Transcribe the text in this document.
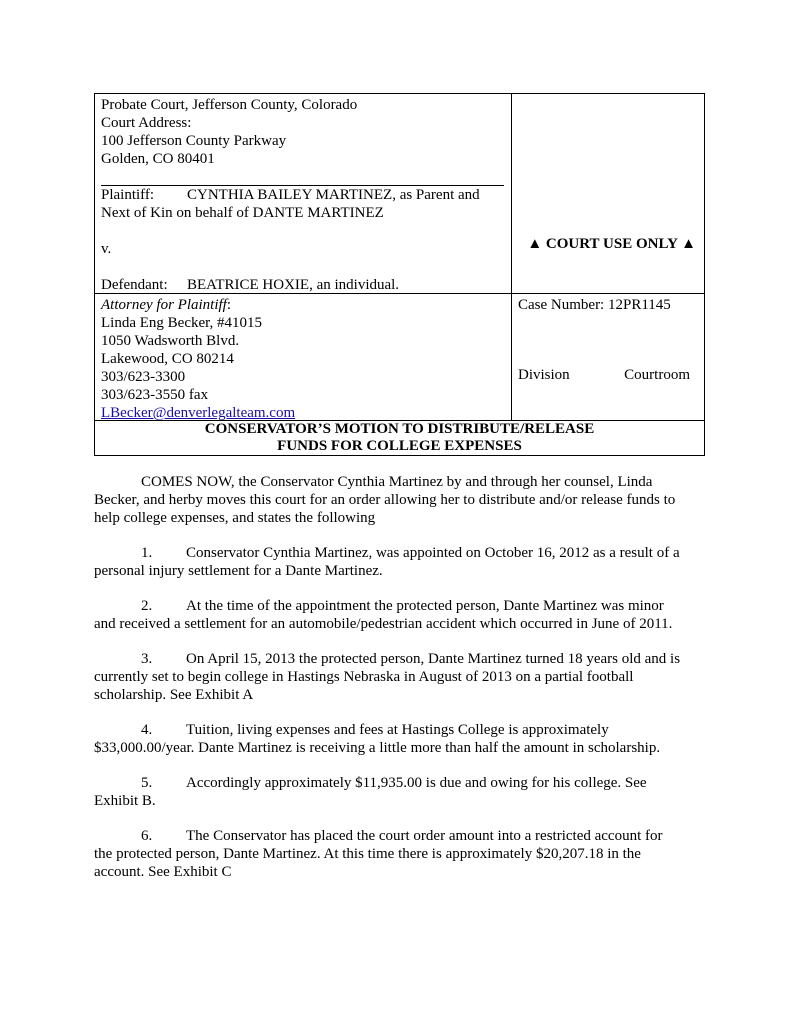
Probate Court, Jefferson County, Colorado
Court Address:
100 Jefferson County Parkway
Golden, CO 80401
Plaintiff: CYNTHIA BAILEY MARTINEZ, as Parent and
Next of Kin on behalf of DANTE MARTINEZ
v.
Defendant: BEATRICE HOXIE, an individual.
▲ COURT USE ONLY ▲
Attorney for Plaintiff:
Linda Eng Becker, #41015
1050 Wadsworth Blvd.
Lakewood, CO 80214
303/623-3300
303/623-3550 fax
LBecker@denverlegalteam.com
Case Number: 12PR1145
Division	Courtroom
CONSERVATOR’S MOTION TO DISTRIBUTE/RELEASE
FUNDS FOR COLLEGE EXPENSES
COMES NOW, the Conservator Cynthia Martinez by and through her counsel, Linda
Becker, and herby moves this court for an order allowing her to distribute and/or release funds to
help college expenses, and states the following
1. Conservator Cynthia Martinez, was appointed on October 16, 2012 as a result of a
personal injury settlement for a Dante Martinez.
2. At the time of the appointment the protected person, Dante Martinez was minor
and received a settlement for an automobile/pedestrian accident which occurred in June of 2011.
3. On April 15, 2013 the protected person, Dante Martinez turned 18 years old and is
currently set to begin college in Hastings Nebraska in August of 2013 on a partial football
scholarship. See Exhibit A
4. Tuition, living expenses and fees at Hastings College is approximately
$33,000.00/year. Dante Martinez is receiving a little more than half the amount in scholarship.
5. Accordingly approximately $11,935.00 is due and owing for his college. See
Exhibit B.
6. The Conservator has placed the court order amount into a restricted account for
the protected person, Dante Martinez. At this time there is approximately $20,207.18 in the
account. See Exhibit C
